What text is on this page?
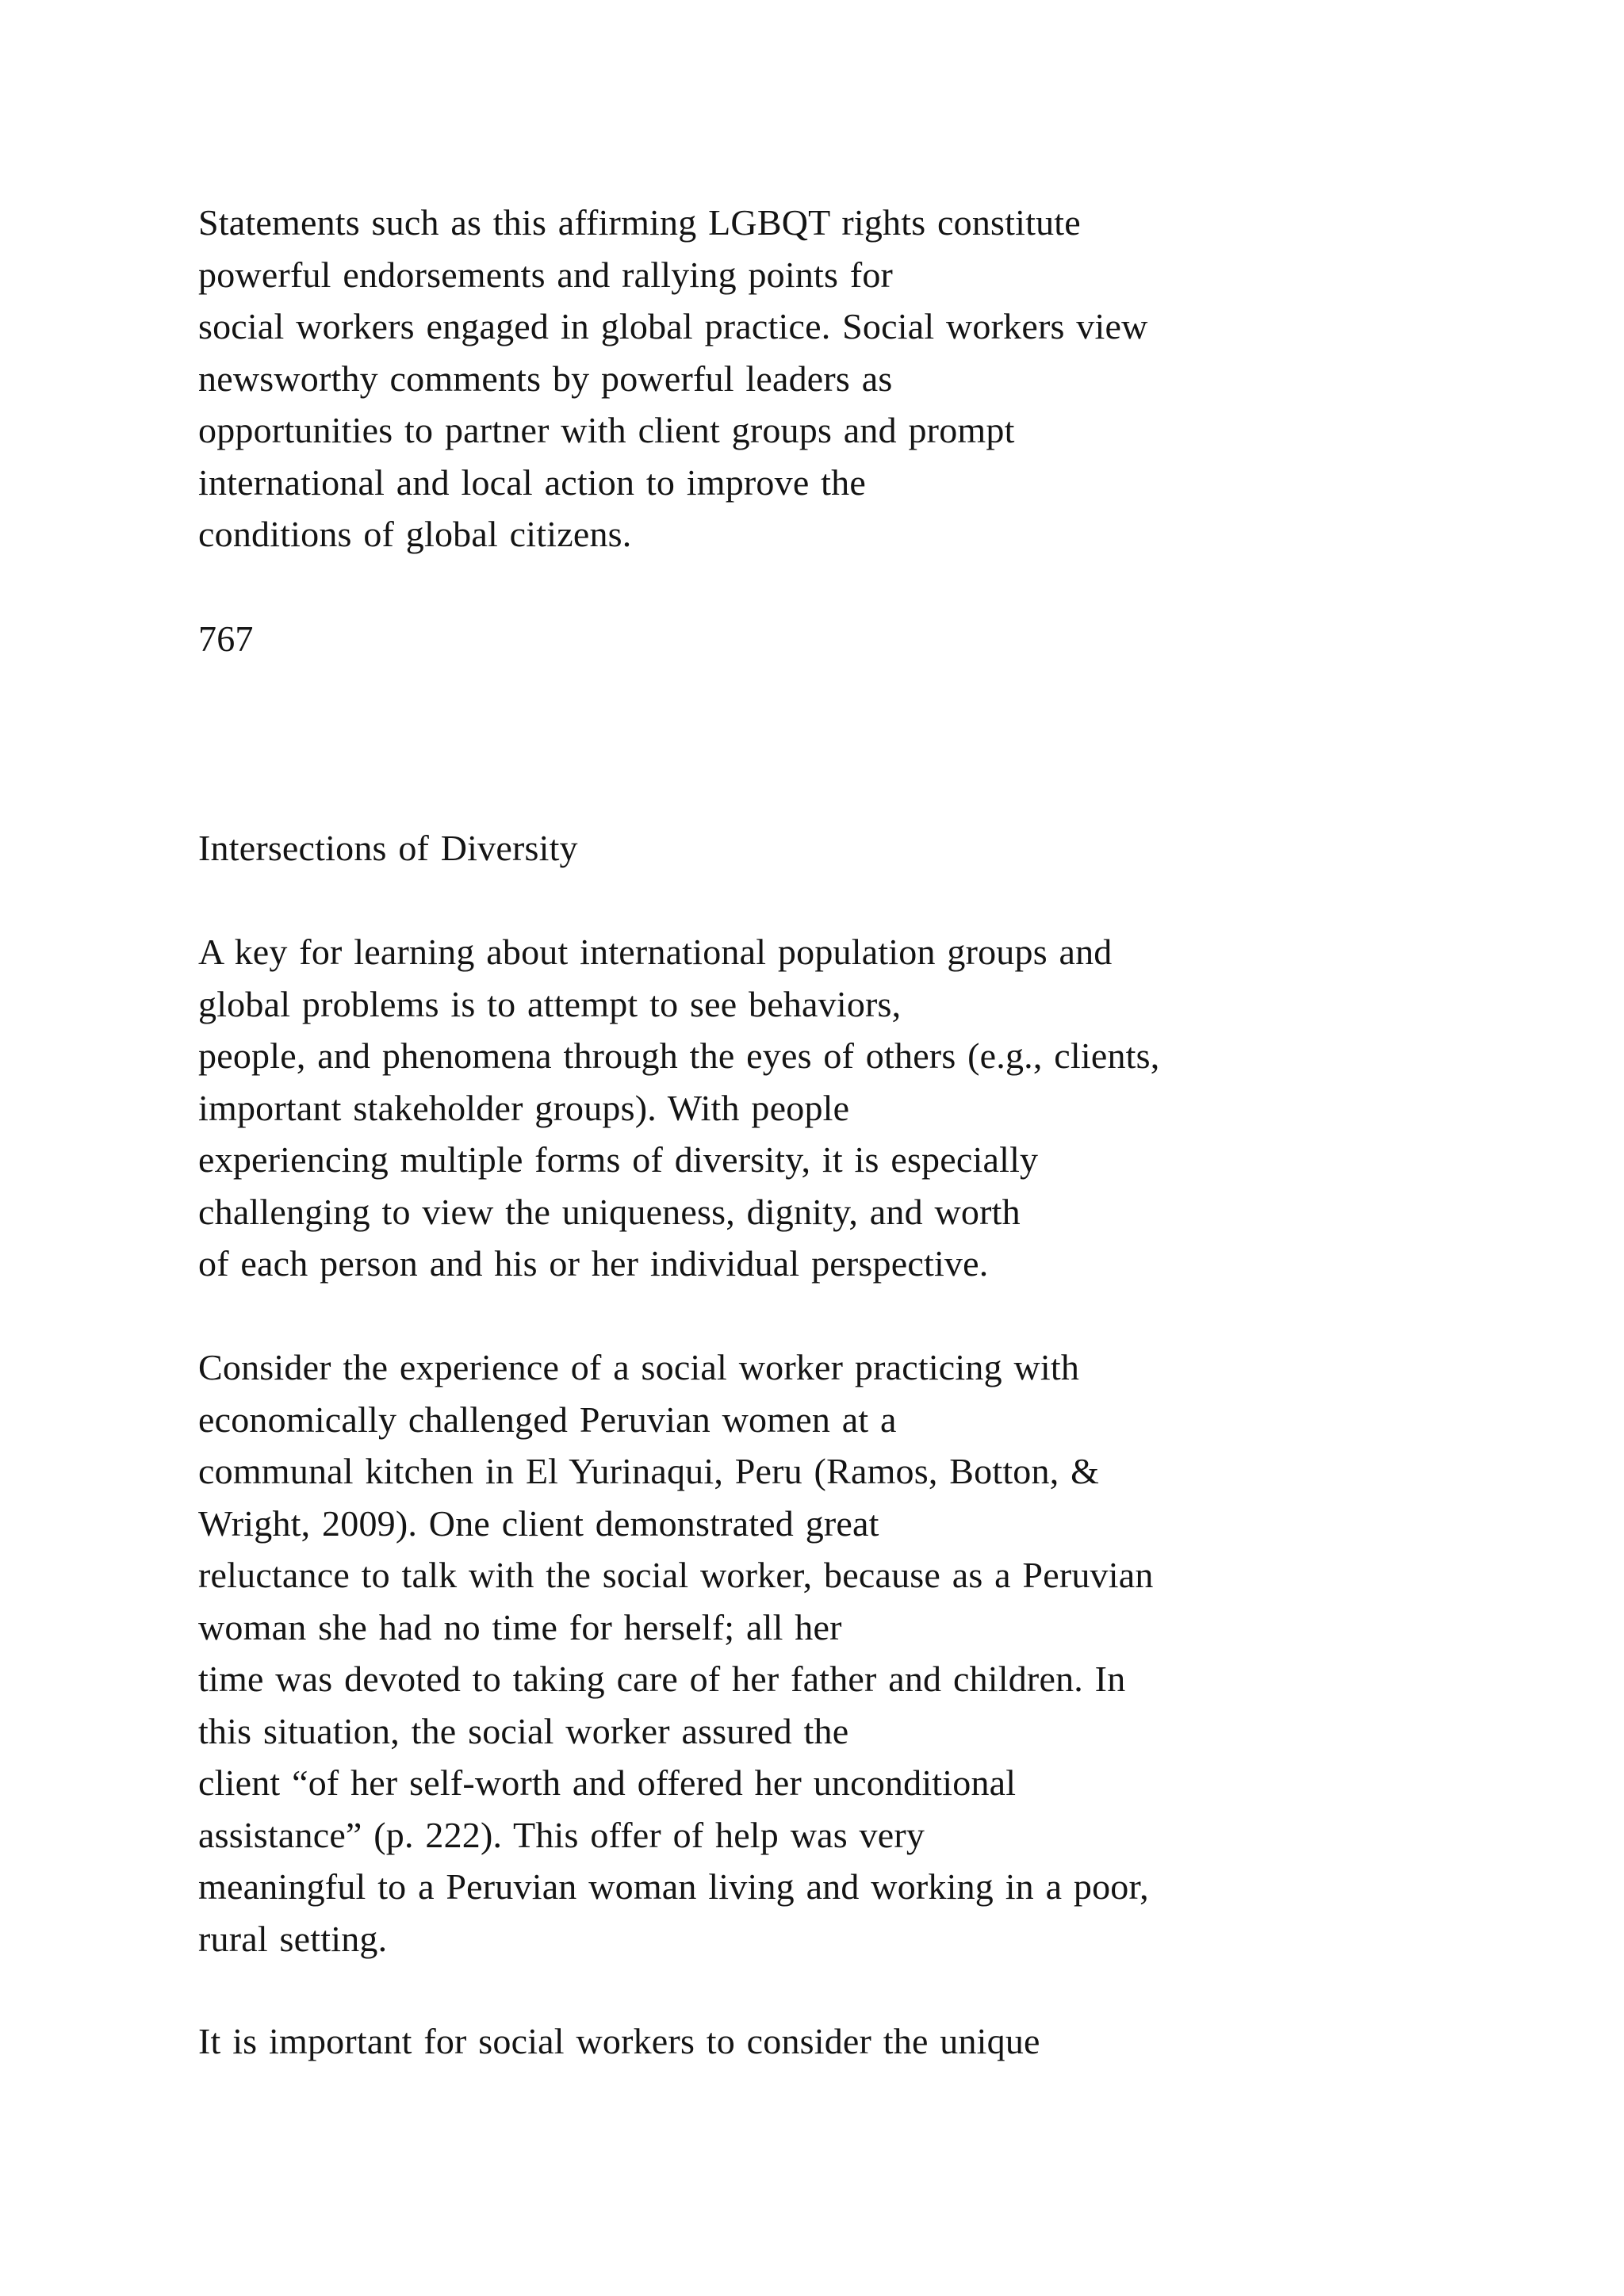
Statements such as this affirming LGBQT rights constitute
powerful endorsements and rallying points for
social workers engaged in global practice. Social workers view
newsworthy comments by powerful leaders as
opportunities to partner with client groups and prompt
international and local action to improve the
conditions of global citizens.

767

Intersections of Diversity

A key for learning about international population groups and
global problems is to attempt to see behaviors,
people, and phenomena through the eyes of others (e.g., clients,
important stakeholder groups). With people
experiencing multiple forms of diversity, it is especially
challenging to view the uniqueness, dignity, and worth
of each person and his or her individual perspective.

Consider the experience of a social worker practicing with
economically challenged Peruvian women at a
communal kitchen in El Yurinaqui, Peru (Ramos, Botton, &
Wright, 2009). One client demonstrated great
reluctance to talk with the social worker, because as a Peruvian
woman she had no time for herself; all her
time was devoted to taking care of her father and children. In
this situation, the social worker assured the
client “of her self-worth and offered her unconditional
assistance” (p. 222). This offer of help was very
meaningful to a Peruvian woman living and working in a poor,
rural setting.

It is important for social workers to consider the unique
